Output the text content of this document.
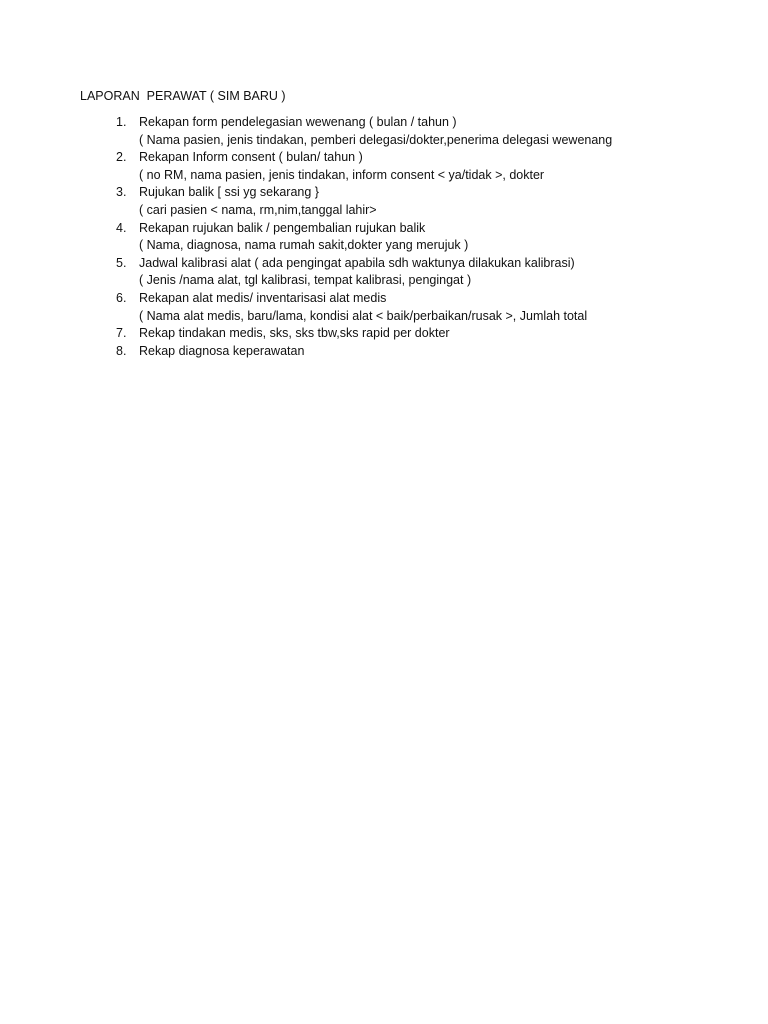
LAPORAN  PERAWAT ( SIM BARU )

1.

Rekapan form pendelegasian wewenang ( bulan / tahun )

( Nama pasien, jenis tindakan, pemberi delegasi/dokter,penerima delegasi wewenang

2.

Rekapan Inform consent ( bulan/ tahun )

( no RM, nama pasien, jenis tindakan, inform consent < ya/tidak >, dokter

3.

Rujukan balik [ ssi yg sekarang }

( cari pasien < nama, rm,nim,tanggal lahir>

4.

Rekapan rujukan balik / pengembalian rujukan balik

( Nama, diagnosa, nama rumah sakit,dokter yang merujuk )

5.

Jadwal kalibrasi alat ( ada pengingat apabila sdh waktunya dilakukan kalibrasi)

( Jenis /nama alat, tgl kalibrasi, tempat kalibrasi, pengingat )

6.

Rekapan alat medis/ inventarisasi alat medis

( Nama alat medis, baru/lama, kondisi alat < baik/perbaikan/rusak >, Jumlah total

7.

Rekap tindakan medis, sks, sks tbw,sks rapid per dokter

8.

Rekap diagnosa keperawatan
